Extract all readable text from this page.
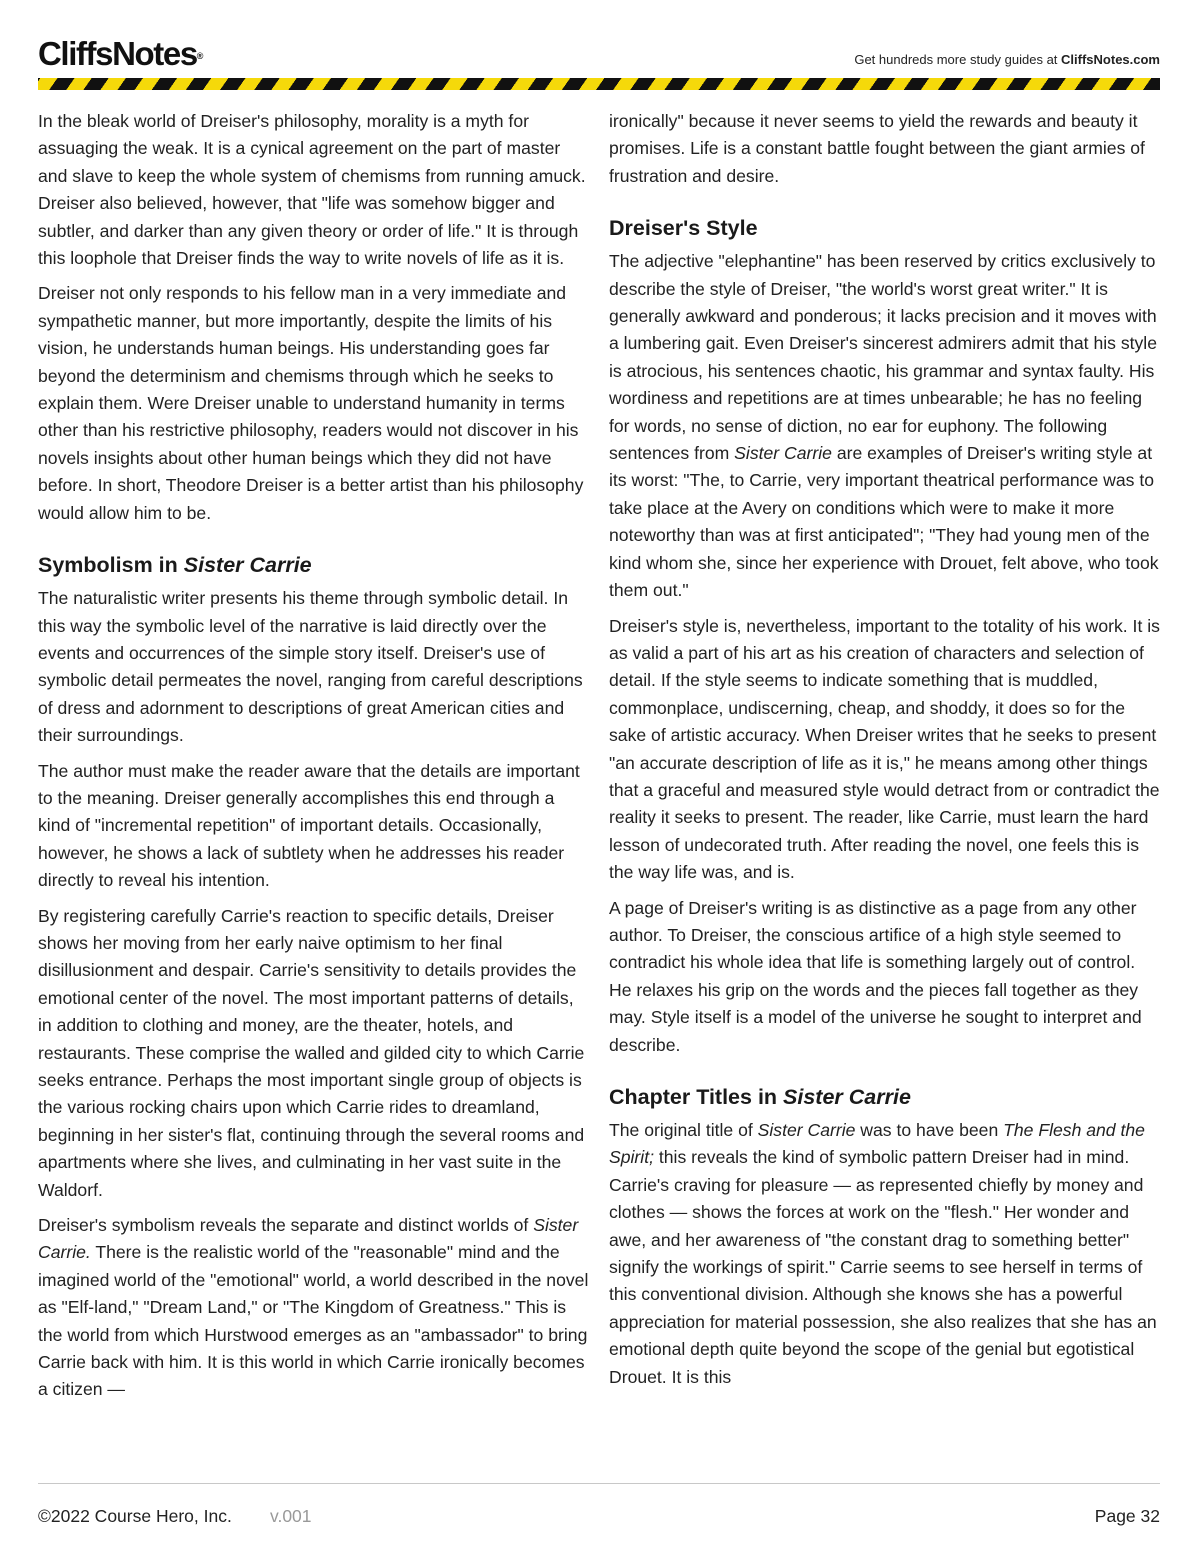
CliffsNotes®	Get hundreds more study guides at CliffsNotes.com

In the bleak world of Dreiser's philosophy, morality is a myth for assuaging the weak. It is a cynical agreement on the part of master and slave to keep the whole system of chemisms from running amuck. Dreiser also believed, however, that "life was somehow bigger and subtler, and darker than any given theory or order of life." It is through this loophole that Dreiser finds the way to write novels of life as it is.

Dreiser not only responds to his fellow man in a very immediate and sympathetic manner, but more importantly, despite the limits of his vision, he understands human beings. His understanding goes far beyond the determinism and chemisms through which he seeks to explain them. Were Dreiser unable to understand humanity in terms other than his restrictive philosophy, readers would not discover in his novels insights about other human beings which they did not have before. In short, Theodore Dreiser is a better artist than his philosophy would allow him to be.

Symbolism in Sister Carrie

The naturalistic writer presents his theme through symbolic detail. In this way the symbolic level of the narrative is laid directly over the events and occurrences of the simple story itself. Dreiser's use of symbolic detail permeates the novel, ranging from careful descriptions of dress and adornment to descriptions of great American cities and their surroundings.

The author must make the reader aware that the details are important to the meaning. Dreiser generally accomplishes this end through a kind of "incremental repetition" of important details. Occasionally, however, he shows a lack of subtlety when he addresses his reader directly to reveal his intention.

By registering carefully Carrie's reaction to specific details, Dreiser shows her moving from her early naive optimism to her final disillusionment and despair. Carrie's sensitivity to details provides the emotional center of the novel. The most important patterns of details, in addition to clothing and money, are the theater, hotels, and restaurants. These comprise the walled and gilded city to which Carrie seeks entrance. Perhaps the most important single group of objects is the various rocking chairs upon which Carrie rides to dreamland, beginning in her sister's flat, continuing through the several rooms and apartments where she lives, and culminating in her vast suite in the Waldorf.

Dreiser's symbolism reveals the separate and distinct worlds of Sister Carrie. There is the realistic world of the "reasonable" mind and the imagined world of the "emotional" world, a world described in the novel as "Elf-land," "Dream Land," or "The Kingdom of Greatness." This is the world from which Hurstwood emerges as an "ambassador" to bring Carrie back with him. It is this world in which Carrie ironically becomes a citizen —

ironically" because it never seems to yield the rewards and beauty it promises. Life is a constant battle fought between the giant armies of frustration and desire.

Dreiser's Style

The adjective "elephantine" has been reserved by critics exclusively to describe the style of Dreiser, "the world's worst great writer." It is generally awkward and ponderous; it lacks precision and it moves with a lumbering gait. Even Dreiser's sincerest admirers admit that his style is atrocious, his sentences chaotic, his grammar and syntax faulty. His wordiness and repetitions are at times unbearable; he has no feeling for words, no sense of diction, no ear for euphony. The following sentences from Sister Carrie are examples of Dreiser's writing style at its worst: "The, to Carrie, very important theatrical performance was to take place at the Avery on conditions which were to make it more noteworthy than was at first anticipated"; "They had young men of the kind whom she, since her experience with Drouet, felt above, who took them out."

Dreiser's style is, nevertheless, important to the totality of his work. It is as valid a part of his art as his creation of characters and selection of detail. If the style seems to indicate something that is muddled, commonplace, undiscerning, cheap, and shoddy, it does so for the sake of artistic accuracy. When Dreiser writes that he seeks to present "an accurate description of life as it is," he means among other things that a graceful and measured style would detract from or contradict the reality it seeks to present. The reader, like Carrie, must learn the hard lesson of undecorated truth. After reading the novel, one feels this is the way life was, and is.

A page of Dreiser's writing is as distinctive as a page from any other author. To Dreiser, the conscious artifice of a high style seemed to contradict his whole idea that life is something largely out of control. He relaxes his grip on the words and the pieces fall together as they may. Style itself is a model of the universe he sought to interpret and describe.

Chapter Titles in Sister Carrie

The original title of Sister Carrie was to have been The Flesh and the Spirit; this reveals the kind of symbolic pattern Dreiser had in mind. Carrie's craving for pleasure — as represented chiefly by money and clothes — shows the forces at work on the "flesh." Her wonder and awe, and her awareness of "the constant drag to something better" signify the workings of spirit." Carrie seems to see herself in terms of this conventional division. Although she knows she has a powerful appreciation for material possession, she also realizes that she has an emotional depth quite beyond the scope of the genial but egotistical Drouet. It is this

©2022 Course Hero, Inc. v.001	Page 32
